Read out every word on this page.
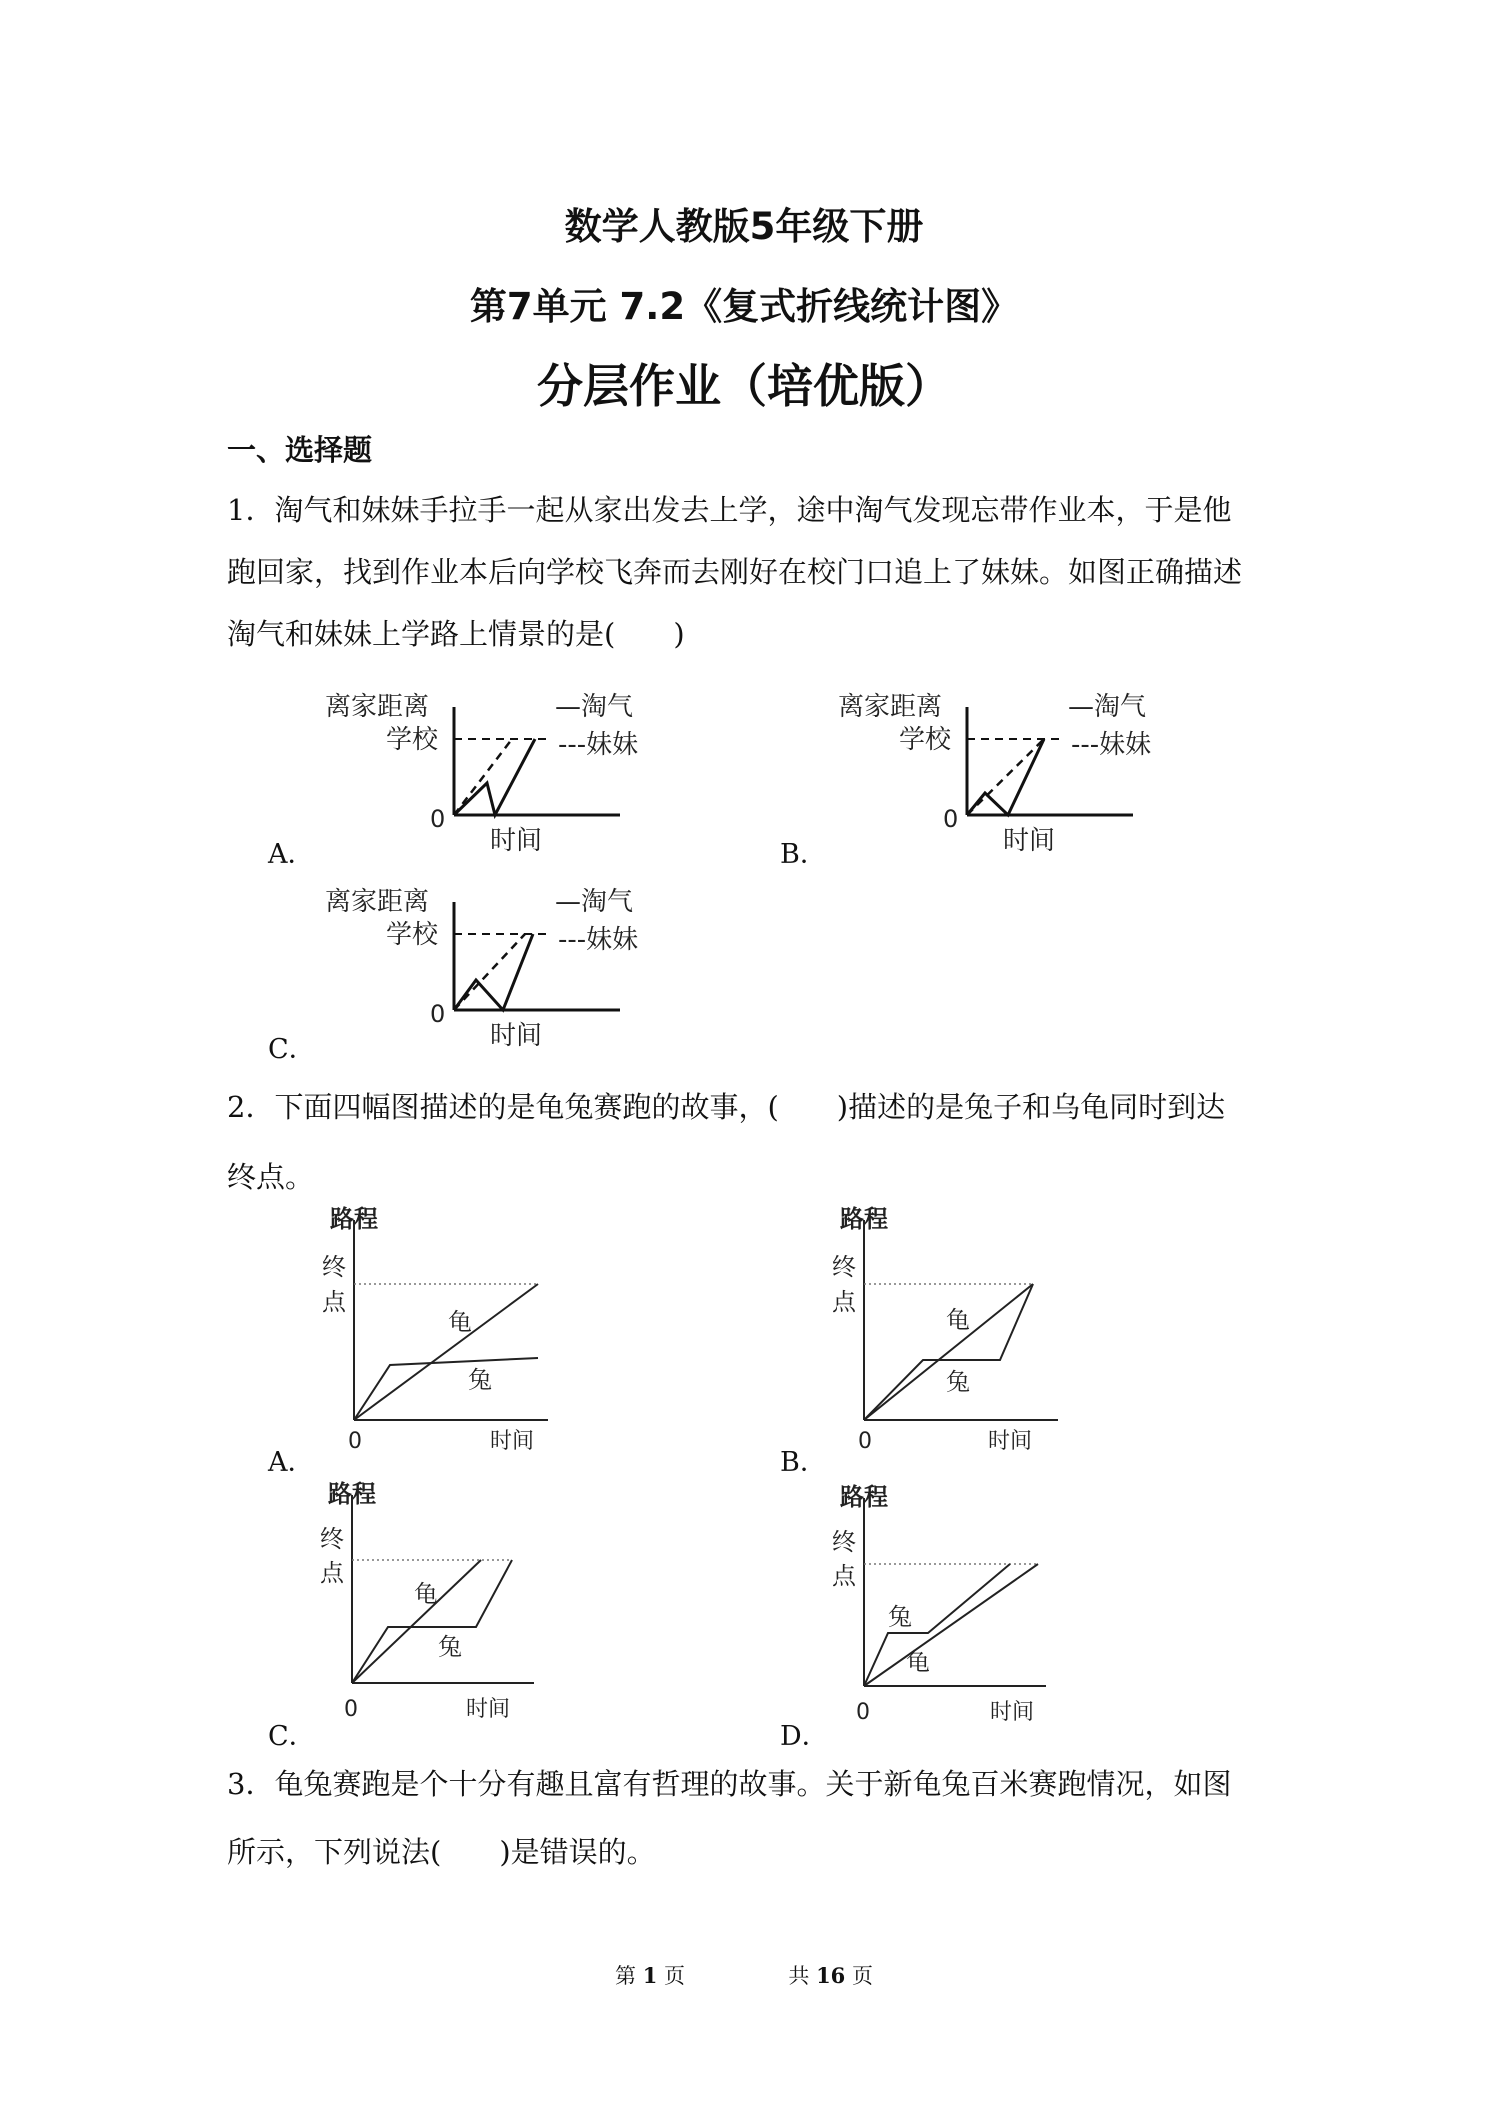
数学人教版5年级下册
第7单元 7.2《复式折线统计图》
分层作业（培优版）
一、选择题
1．淘气和妹妹手拉手一起从家出发去上学，途中淘气发现忘带作业本，于是他
跑回家，找到作业本后向学校飞奔而去刚好在校门口追上了妹妹。如图正确描述
淘气和妹妹上学路上情景的是(　　)
离家距离
学校
—淘气
---妹妹
0
时间
A．
离家距离
学校
—淘气
---妹妹
0
时间
B．
离家距离
学校
—淘气
---妹妹
0
时间
C．
2．下面四幅图描述的是龟兔赛跑的故事，(　　)描述的是兔子和乌龟同时到达
终点。
路程
终
点
龟
兔
0	时间
A．
路程
终
点
龟
兔
0	时间
B．
路程
终
点
龟
兔
0	时间
C．
路程
终
点
兔
龟
0	时间
D．
3．龟兔赛跑是个十分有趣且富有哲理的故事。关于新龟兔百米赛跑情况，如图
所示，下列说法(　　)是错误的。
第 1 页	共 16 页
